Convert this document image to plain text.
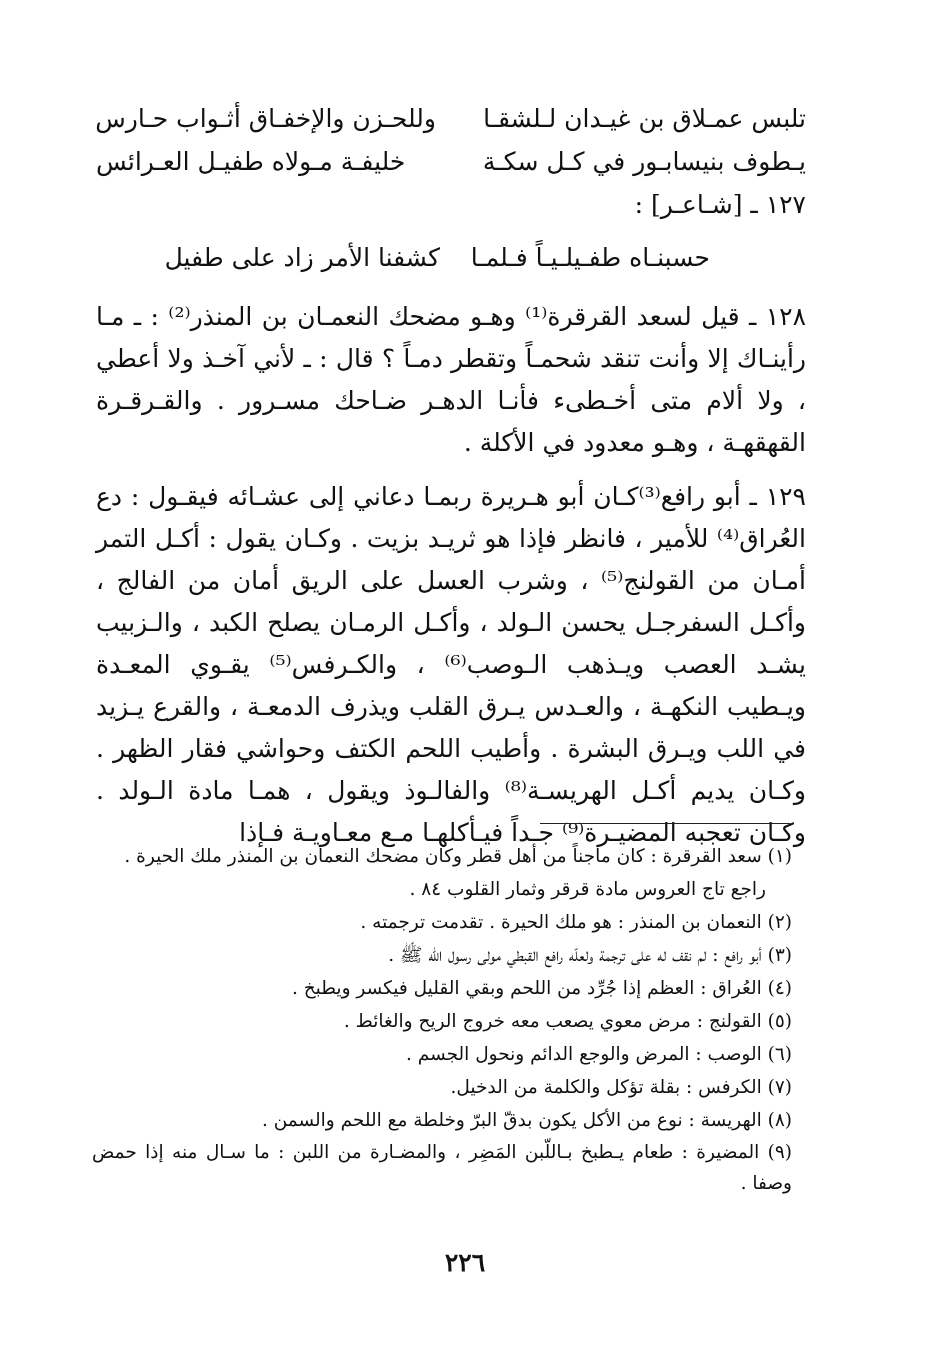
تلبس عمـلاق بن غيـدان لـلشقـا
وللحـزن والإخفـاق أثـواب حـارس
يـطوف بنيسابـور في كـل سكـة
خليفـة مـولاه طفيـل العـرائس
١٢٧ ـ [شـاعـر] :
حسبنـاه طفـيلـيـاً فـلمـا
كشفنا الأمر زاد على طفيل
١٢٨ ـ قيل لسعد القرقرة⁽¹⁾ وهـو مضحك النعمـان بن المنذر⁽²⁾ : ـ مـا رأينـاك إلا وأنت تنقد شحمـاً وتقطر دمـاً ؟ قال : ـ لأني آخـذ ولا أعطي ، ولا ألام متى أخـطىء فأنـا الدهـر ضـاحك مسـرور . والقـرقـرة القهقهـة ، وهـو معدود في الأكلة .
١٢٩ ـ أبو رافع⁽³⁾كـان أبو هـريرة ربمـا دعاني إلى عشـائه فيقـول : دع العُراق⁽⁴⁾ للأمير ، فانظر فإذا هو ثريـد بزيت . وكـان يقول : أكـل التمر أمـان من القولنج⁽⁵⁾ ، وشرب العسل على الريق أمان من الفالج ، وأكـل السفرجـل يحسن الـولد ، وأكـل الرمـان يصلح الكبد ، والـزبيب يشـد العصب ويـذهب الـوصب⁽⁶⁾ ، والكـرفس⁽⁵⁾ يقـوي المعـدة ويـطيب النكهـة ، والعـدس يـرق القلب ويذرف الدمعـة ، والقرع يـزيد في اللب ويـرق البشرة . وأطيب اللحم الكتف وحواشي فقار الظهر . وكـان يديم أكـل الهريسـة⁽⁸⁾ والفالـوذ ويقول ، همـا مادة الـولد . وكـان تعجبه المضيـرة⁽⁹⁾ جـداً فيـأكلهـا مـع معـاويـة فـإذا
(١) سعد القرقرة : كان ماجناً من أهل قطر وكان مضحك النعمان بن المنذر ملك الحيرة .
راجع تاج العروس مادة قرقر وثمار القلوب ٨٤ .
(٢) النعمان بن المنذر : هو ملك الحيرة . تقدمت ترجمته .
(٣) أبو رافع : لم نقف له على ترجمة ولعلّه رافع القبطي مولى رسول الله ﷺ .
(٤) العُراق : العظم إذا جُرِّد من اللحم وبقي القليل فيكسر ويطبخ .
(٥) القولنج : مرض معوي يصعب معه خروج الريح والغائط .
(٦) الوصب : المرض والوجع الدائم ونحول الجسم .
(٧) الكرفس : بقلة تؤكل والكلمة من الدخيل.
(٨) الهريسة : نوع من الأكل يكون بدقّ البرّ وخلطة مع اللحم والسمن .
(٩) المضيرة : طعام يـطبخ بـاللّبن المَضِر ، والمضـارة من اللبن : ما سـال منه إذا حمض وصفا .
٢٢٦
